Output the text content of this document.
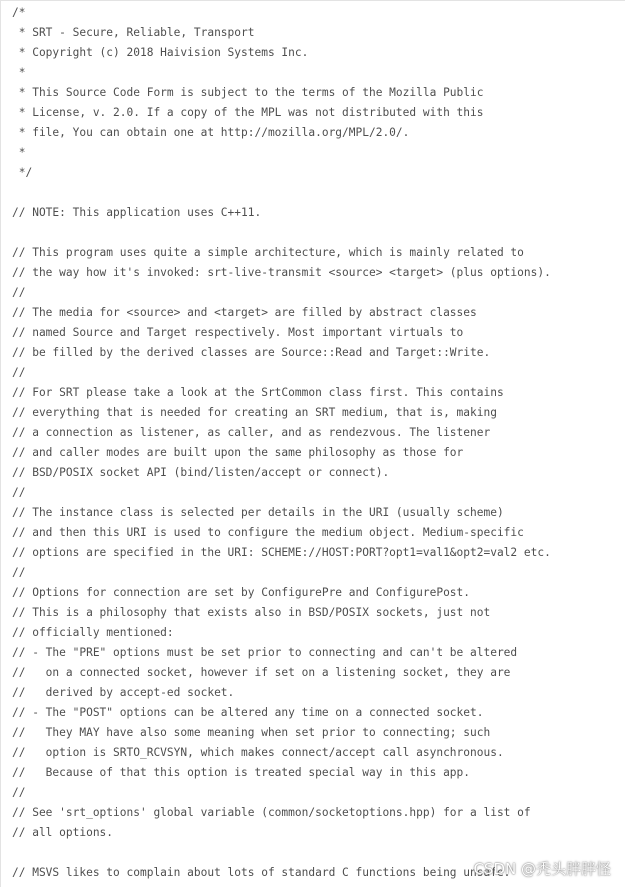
/*
* SRT - Secure, Reliable, Transport
* Copyright (c) 2018 Haivision Systems Inc.
*
* This Source Code Form is subject to the terms of the Mozilla Public
* License, v. 2.0. If a copy of the MPL was not distributed with this
* file, You can obtain one at http://mozilla.org/MPL/2.0/.
*
*/
// NOTE: This application uses C++11.
// This program uses quite a simple architecture, which is mainly related to
// the way how it's invoked: srt-live-transmit <source> <target> (plus options).
//
// The media for <source> and <target> are filled by abstract classes
// named Source and Target respectively. Most important virtuals to
// be filled by the derived classes are Source::Read and Target::Write.
//
// For SRT please take a look at the SrtCommon class first. This contains
// everything that is needed for creating an SRT medium, that is, making
// a connection as listener, as caller, and as rendezvous. The listener
// and caller modes are built upon the same philosophy as those for
// BSD/POSIX socket API (bind/listen/accept or connect).
//
// The instance class is selected per details in the URI (usually scheme)
// and then this URI is used to configure the medium object. Medium-specific
// options are specified in the URI: SCHEME://HOST:PORT?opt1=val1&opt2=val2 etc.
//
// Options for connection are set by ConfigurePre and ConfigurePost.
// This is a philosophy that exists also in BSD/POSIX sockets, just not
// officially mentioned:
// - The "PRE" options must be set prior to connecting and can't be altered
//   on a connected socket, however if set on a listening socket, they are
//   derived by accept-ed socket.
// - The "POST" options can be altered any time on a connected socket.
//   They MAY have also some meaning when set prior to connecting; such
//   option is SRTO_RCVSYN, which makes connect/accept call asynchronous.
//   Because of that this option is treated special way in this app.
//
// See 'srt_options' global variable (common/socketoptions.hpp) for a list of
// all options.
// MSVS likes to complain about lots of standard C functions being unsafe.
CSDN @秃头胖胖怪
